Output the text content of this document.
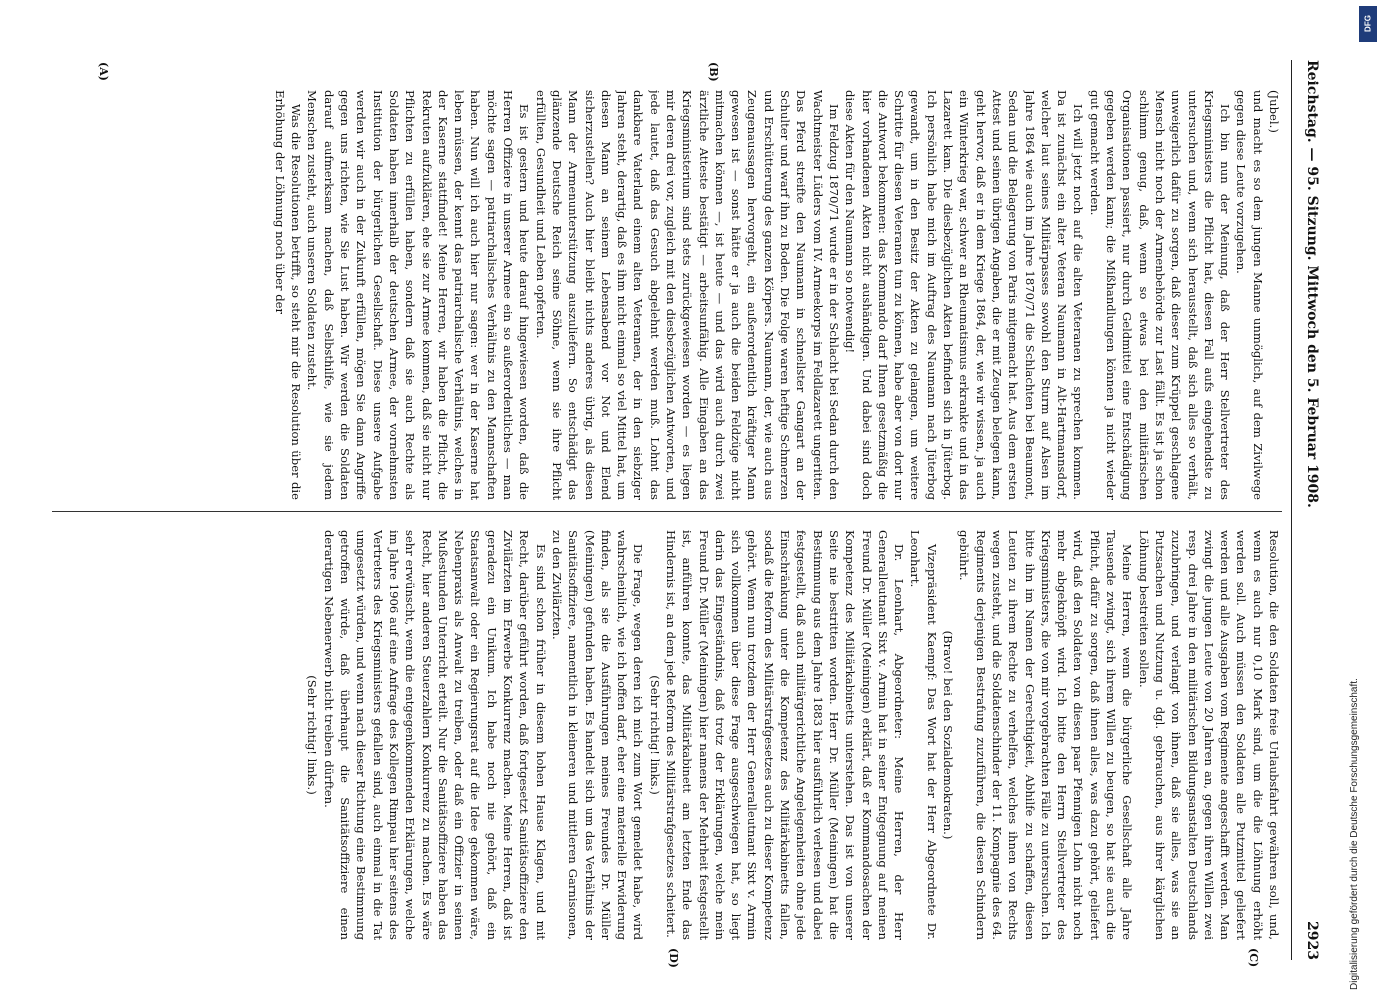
Reichstag. — 95. Sitzung. Mittwoch den 5. Februar 1908.
2923

(Jubel.)

und macht es so dem jungen Manne unmöglich, auf dem Zivilwege gegen diese Leute vorzugehen.

Ich bin nun der Meinung, daß der Herr Stellvertreter des Kriegsministers die Pflicht hat, diesen Fall aufs eingehendste zu untersuchen und, wenn sich herausstellt, daß sich alles so verhält, unweigerlich dafür zu sorgen, daß dieser zum Krüppel geschlagene Mensch nicht noch der Armenbehörde zur Last fällt. Es ist ja schon schlimm genug, daß, wenn so etwas bei den militärischen Organisationen passiert, nur durch Geldmittel eine Entschädigung gegeben werden kann; die Mißhandlungen können ja nicht wieder gut gemacht werden.

Ich will jetzt noch auf die alten Veteranen zu sprechen kommen. Da ist zunächst ein alter Veteran Naumann in Alt-Hartmannsdorf, welcher laut seines Militärpasses sowohl den Sturm auf Alsen im Jahre 1864 wie auch im Jahre 1870/71 die Schlachten bei Beaumont, Sedan und die Belagerung von Paris mitgemacht hat. Aus dem ersten Attest und seinen übrigen Angaben, die er mit Zeugen belegen kann, geht hervor, daß er in dem Kriege 1864, der, wie wir wissen, ja auch ein Winterkrieg war, schwer an Rheumatismus erkrankte und in das Lazarett kam. Die diesbezüglichen Akten befinden sich in Jüterbog. Ich persönlich habe mich im Auftrag des Naumann nach Jüterbog gewandt, um in den Besitz der Akten zu gelangen, um weitere Schritte für diesen Veteranen tun zu können, habe aber von dort nur die Antwort bekommen: das Kommando darf Ihnen gesetzmäßig die hier vorhandenen Akten nicht aushändigen. Und dabei sind doch diese Akten für den Naumann so notwendig!

Im Feldzug 1870/71 wurde er in der Schlacht bei Sedan durch den Wachtmeister Lüders vom IV. Armeekorps im Feldlazarett ungeritten. Das Pferd streifte den Naumann in schnellster Gangart an der Schulter und warf ihn zu Boden. Die Folge waren heftige Schmerzen und Erschütterung des ganzen Körpers. Naumann, der, wie auch aus Zeugenaussagen hervorgeht, ein außerordentlich kräftiger Mann gewesen ist — sonst hätte er ja auch die beiden Feldzüge nicht mitmachen können —, ist heute — und das wird auch durch zwei ärztliche Atteste bestätigt — arbeitsunfähig. Alle Eingaben an das Kriegsministerium sind stets zurückgewiesen worden — es liegen mir deren drei vor, zugleich mit den diesbezüglichen Antworten, und jede lautet, daß das Gesuch abgelehnt werden muß. Lohnt das dankbare Vaterland einem alten Veteranen, der in den siebziger Jahren steht, derartig, daß es ihm nicht einmal so viel Mittel hat, um diesen Mann an seinem Lebensabend vor Not und Elend sicherzustellen? Auch hier bleibt nichts anderes übrig, als diesen Mann der Armenunterstützung auszuliefern. So entschädigt das glänzende Deutsche Reich seine Söhne, wenn sie ihre Pflicht erfüllten, Gesundheit und Leben opferten.

Es ist gestern und heute darauf hingewiesen worden, daß die Herren Offiziere in unserer Armee ein so außerordentliches — man möchte sagen — patriarchalisches Verhältnis zu den Mannschaften haben. Nun will ich auch hier nur sagen: wer in der Kaserne hat leben müssen, der kennt das patriarchalische Verhältnis, welches in der Kaserne stattfindet! Meine Herren, wir haben die Pflicht, die Rekruten aufzuklären, ehe sie zur Armee kommen, daß sie nicht nur Pflichten zu erfüllen haben, sondern daß sie auch Rechte als Soldaten haben innerhalb der deutschen Armee, der vornehmsten Institution der bürgerlichen Gesellschaft. Diese unsere Aufgabe werden wir auch in der Zukunft erfüllen, mögen Sie dann Angriffe gegen uns richten, wie Sie Lust haben. Wir werden die Soldaten darauf aufmerksam machen, daß Selbsthilfe, wie sie jedem Menschen zusteht, auch unseren Soldaten zusteht.

Was die Resolutionen betrifft, so steht mir die Resolution über die Erhöhung der Löhnung noch über der

Resolution, die den Soldaten freie Urlaubsfahrt gewähren soll, und, wenn es auch nur 0,10 Mark sind, um die die Löhnung erhöht werden soll. Auch müssen den Soldaten alle Putzmittel geliefert werden und alle Ausgaben vom Regimente angeschafft werden. Man zwingt die jungen Leute von 20 Jahren an, gegen ihren Willen zwei resp. drei Jahre in den militärischen Bildungsanstalten Deutschlands zuzubringen, und verlangt von ihnen, daß sie alles, was sie an Putzsachen und Nutzung u. dgl. gebrauchen, aus ihrer kärglichen Löhnung bestreiten sollen.

Meine Herren, wenn die bürgerliche Gesellschaft alle Jahre Tausende zwingt, sich ihrem Willen zu beugen, so hat sie auch die Pflicht, dafür zu sorgen, daß ihnen alles, was dazu gehört, geliefert wird, daß den Soldaten von diesen paar Pfennigen Lohn nicht noch mehr abgeknöpft wird. Ich bitte den Herrn Stellvertreter des Kriegsministers, die von mir vorgebrachten Fälle zu untersuchen. Ich bitte ihn im Namen der Gerechtigkeit, Abhilfe zu schaffen, diesen Leuten zu ihrem Rechte zu verhelfen, welches ihnen von Rechts wegen zusteht, und die Soldatenschinder der 11. Kompagnie des 64. Regiments derjenigen Bestrafung zuzuführen, die diesen Schindern gebührt.

(Bravo! bei den Sozialdemokraten.)

Vizepräsident Kaempf: Das Wort hat der Herr Abgeordnete Dr. Leonhart.

Dr. Leonhart, Abgeordneter: Meine Herren, der Herr Generalleutnant Sixt v. Armin hat in seiner Entgegnung auf meinen Freund Dr. Müller (Meiningen) erklärt, daß er Kommandosachen der Kompetenz des Militärkabinetts unterstehen. Das ist von unserer Seite nie bestritten worden. Herr Dr. Müller (Meiningen) hat die Bestimmung aus dem Jahre 1883 hier ausführlich verlesen und dabei festgestellt, daß auch militärgerichtliche Angelegenheiten ohne jede Einschränkung unter die Kompetenz des Militärkabinetts fallen, sodaß die Reform des Militärstrafgesetzes auch zu dieser Kompetenz gehört. Wenn nun trotzdem der Herr Generalleutnant Sixt v. Armin sich vollkommen über diese Frage ausgeschwiegen hat, so liegt darin das Eingeständnis, daß trotz der Erklärungen, welche mein Freund Dr. Müller (Meiningen) hier namens der Mehrheit festgestellt ist, anführen konnte, das Militärkabinett am letzten Ende das Hindernis ist, an dem jede Reform des Militärstrafgesetzes scheitert.

(Sehr richtig! links.)

Die Frage, wegen deren ich mich zum Wort gemeldet habe, wird wahrscheinlich, wie ich hoffen darf, eher eine materielle Erwiderung finden, als sie die Ausführungen meines Freundes Dr. Müller (Meiningen) gefunden haben. Es handelt sich um das Verhältnis der Sanitätsoffiziere, namentlich in kleineren und mittleren Garnisonen, zu den Zivilärzten.

Es sind schon früher in diesem hohen Hause Klagen, und mit Recht, darüber geführt worden, daß fortgesetzt Sanitätsoffiziere den Zivilärzten im Erwerbe Konkurrenz machen. Meine Herren, daß ist geradezu ein Unikum. Ich habe noch nie gehört, daß ein Staatsanwalt oder ein Regierungsrat auf die Idee gekommen wäre, Nebenpraxis als Anwalt zu treiben, oder daß ein Offizier in seinen Mußestunden Unterricht erteilt. Nur die Sanitätsoffiziere haben das Recht, hier anderen Steuerzahlern Konkurrenz zu machen. Es wäre sehr erwünscht, wenn die entgegenkommenden Erklärungen, welche im Jahre 1906 auf eine Anfrage des Kollegen Rimpau hier seitens des Vertreters des Kriegsministers gefallen sind, auch einmal in die Tat umgesetzt würden, und wenn nach dieser Richtung eine Bestimmung getroffen würde, daß überhaupt die Sanitätsoffiziere einen derartigen Nebenerwerb nicht treiben dürften.

(Sehr richtig! links.)

(A)	(B)
(C)
(D)
DFG
Digitalisierung gefördert durch die Deutsche Forschungsgemeinschaft.
